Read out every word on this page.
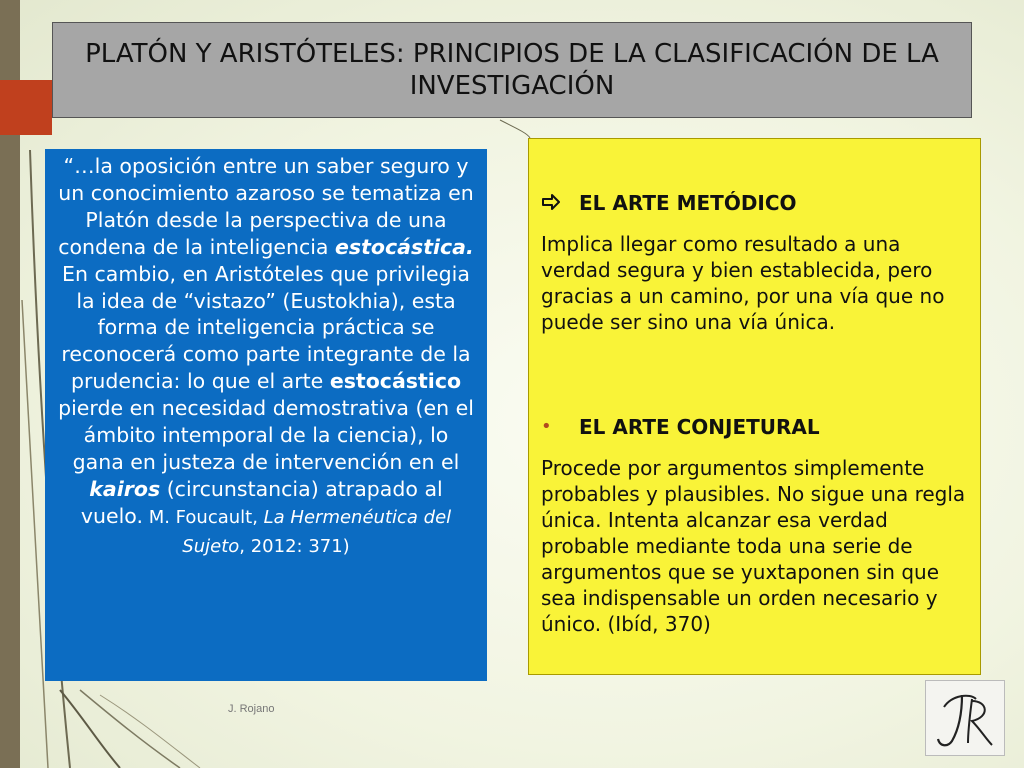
PLATÓN Y ARISTÓTELES: PRINCIPIOS DE LA CLASIFICACIÓN DE LA
INVESTIGACIÓN
“…la oposición entre un saber seguro y un conocimiento azaroso se tematiza en Platón desde la perspectiva de una condena de la inteligencia estocástica. En cambio, en Aristóteles que privilegia la idea de “vistazo” (Eustokhia), esta forma de inteligencia práctica se reconocerá como parte integrante de la prudencia: lo que el arte estocástico pierde en necesidad demostrativa (en el ámbito intemporal de la ciencia), lo gana en justeza de intervención en el kairos (circunstancia) atrapado al vuelo. M. Foucault, La Hermenéutica del Sujeto, 2012: 371)
EL ARTE METÓDICO
Implica llegar como resultado a una verdad segura y bien establecida, pero gracias a un camino, por una vía que no puede ser sino una vía única.
•	EL ARTE CONJETURAL
Procede por argumentos simplemente probables y plausibles. No sigue una regla única. Intenta alcanzar esa verdad probable mediante toda una serie de argumentos que se yuxtaponen sin que sea indispensable un orden necesario y único. (Ibíd, 370)
J. Rojano
